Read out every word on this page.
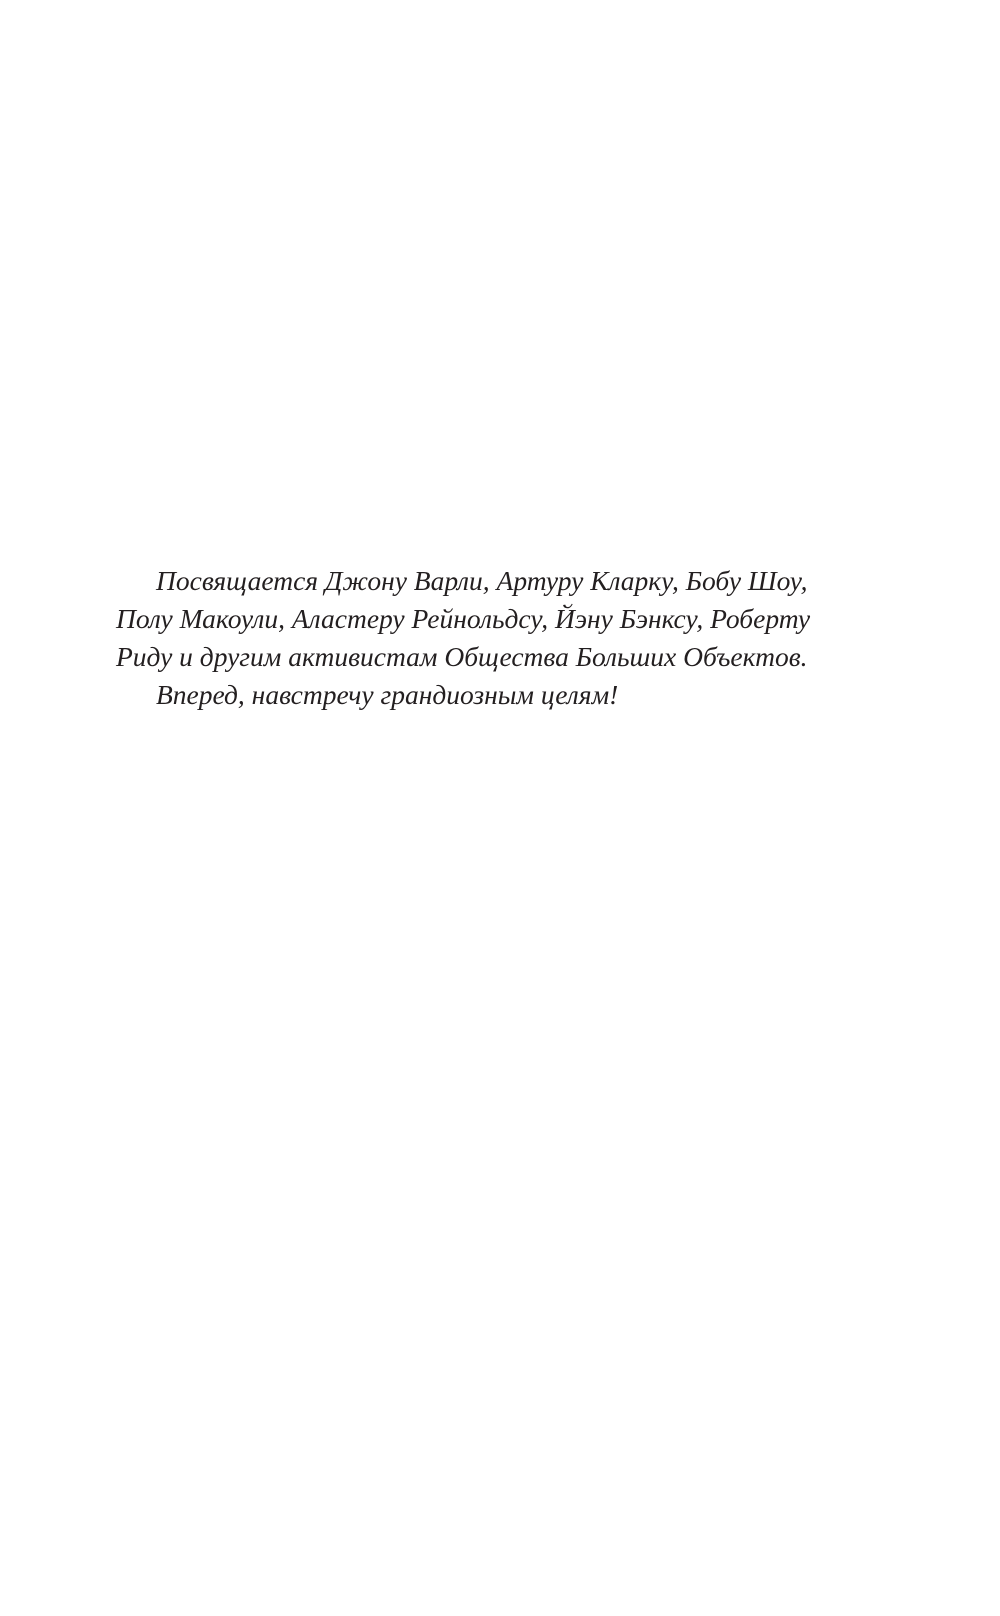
Посвящается Джону Варли, Артуру Кларку, Бобу Шоу,
Полу Макоули, Аластеру Рейнольдсу, Йэну Бэнксу, Роберту
Риду и другим активистам Общества Больших Объектов.
Вперед, навстречу грандиозным целям!
